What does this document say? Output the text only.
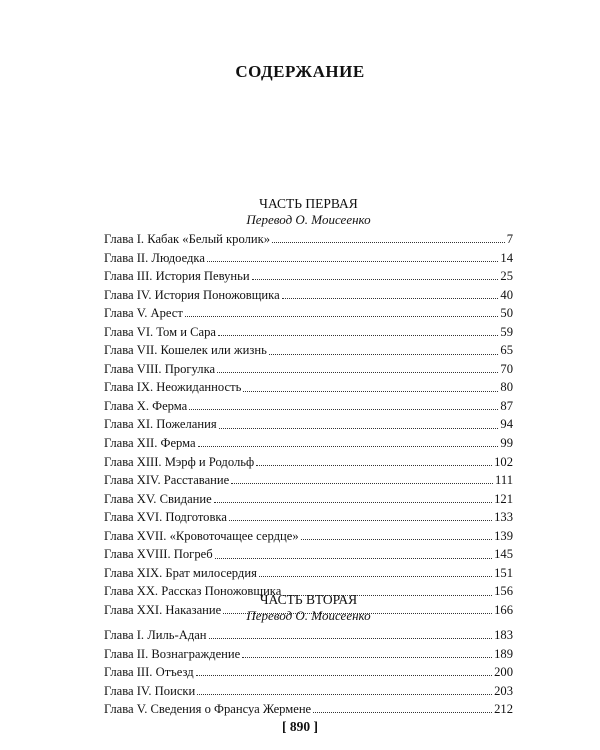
СОДЕРЖАНИЕ
ЧАСТЬ ПЕРВАЯ
Перевод О. Моисеенко
Глава I. Кабак «Белый кролик»	7
Глава II. Людоедка	14
Глава III. История Певуньи	25
Глава IV. История Поножовщика	40
Глава V. Арест	50
Глава VI. Том и Сара	59
Глава VII. Кошелек или жизнь	65
Глава VIII. Прогулка	70
Глава IX. Неожиданность	80
Глава X. Ферма	87
Глава XI. Пожелания	94
Глава XII. Ферма	99
Глава XIII. Мэрф и Родольф	102
Глава XIV. Расставание	111
Глава XV. Свидание	121
Глава XVI. Подготовка	133
Глава XVII. «Кровоточащее сердце»	139
Глава XVIII. Погреб	145
Глава XIX. Брат милосердия	151
Глава XX. Рассказ Поножовщика	156
Глава XXI. Наказание	166
ЧАСТЬ ВТОРАЯ
Перевод О. Моисеенко
Глава I. Лиль-Адан	183
Глава II. Вознаграждение	189
Глава III. Отъезд	200
Глава IV. Поиски	203
Глава V. Сведения о Франсуа Жермене	212
[ 890 ]
